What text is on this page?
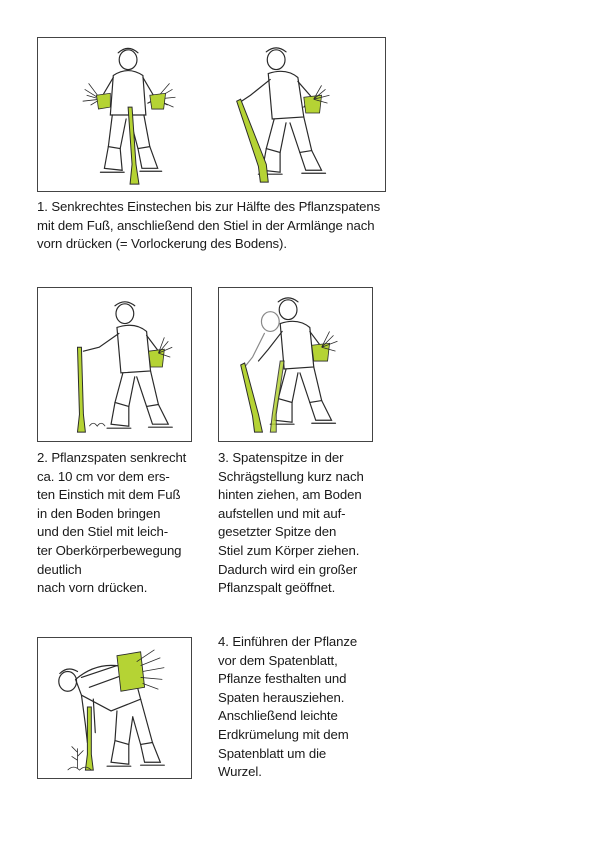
1. Senkrechtes Einstechen bis zur Hälfte des Pflanzspatens
mit dem Fuß, anschließend den Stiel in der Armlänge nach
vorn drücken (= Vorlockerung des Bodens).
2. Pflanzspaten senkrecht
ca. 10 cm vor dem ers-
ten Einstich mit dem Fuß
in den Boden bringen
und den Stiel mit leich-
ter Oberkörperbewegung
deutlich
nach vorn drücken.
3. Spatenspitze in der
Schrägstellung kurz nach
hinten ziehen, am Boden
aufstellen und mit auf-
gesetzter Spitze den
Stiel zum Körper ziehen.
Dadurch wird ein großer
Pflanzspalt geöffnet.
4. Einführen der Pflanze
vor dem Spatenblatt,
Pflanze festhalten und
Spaten herausziehen.
Anschließend leichte
Erdkrümelung mit dem
Spatenblatt um die
Wurzel.
